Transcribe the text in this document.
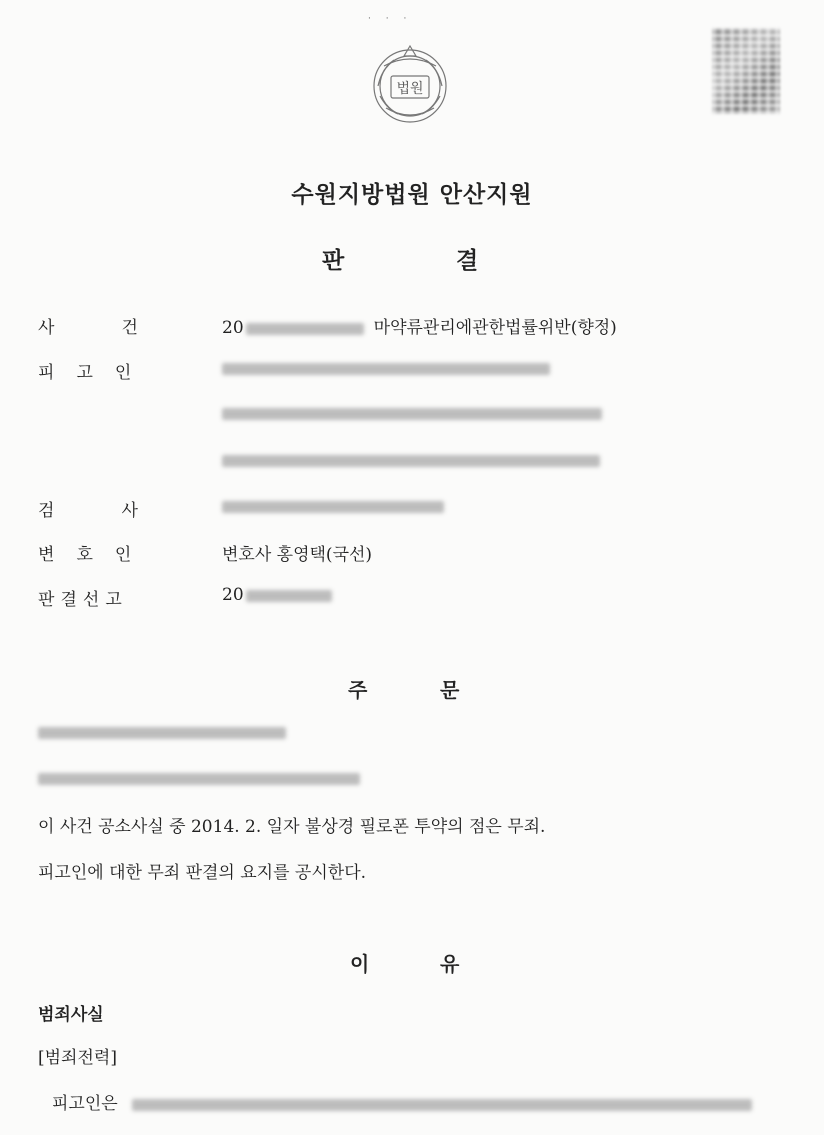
· · ·
법원
수원지방법원 안산지원
판	결
사	건	20	마약류관리에관한법률위반(향정)
피 고 인
검	사
변 호 인	변호사 홍영택(국선)
판 결 선 고	20
주	문
이 사건 공소사실 중 2014. 2. 일자 불상경 필로폰 투약의 점은 무죄.
피고인에 대한 무죄 판결의 요지를 공시한다.
이	유
범죄사실
[범죄전력]
피고인은
